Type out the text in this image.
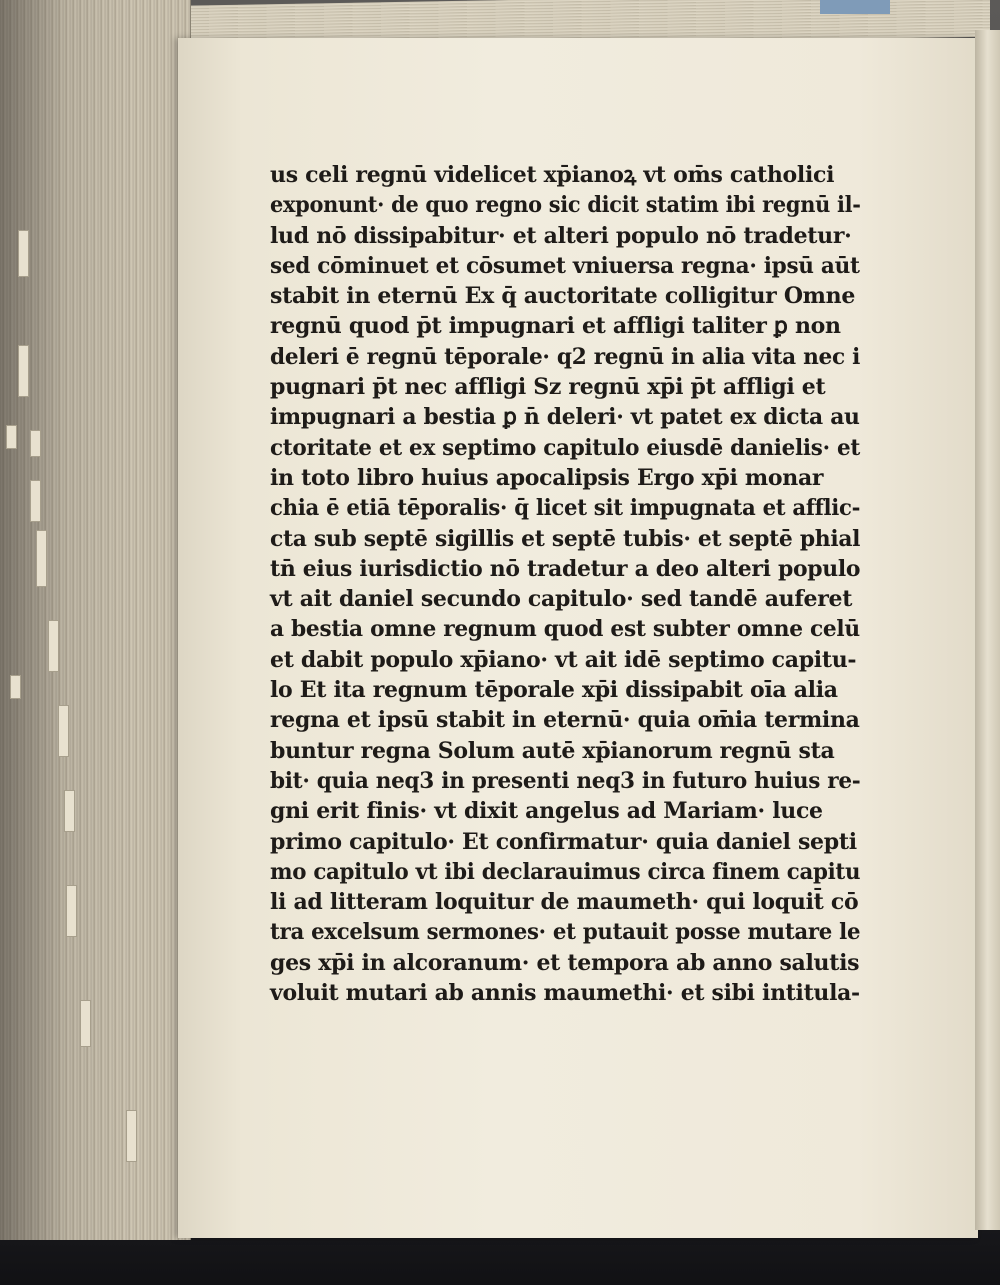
us celi regnū videlicet xp̄ianoꝝ vt om̄s catholici
exponunt· de quo regno sic dicit statim ibi regnū il-
lud nō dissipabitur· et alteri populo nō tradetur·
sed cōminuet et cōsumet vniuersa regna· ipsū aūt
stabit in eternū Ex q̄ auctoritate colligitur Omne
regnū quod p̄t impugnari et affligi taliter ꝑ non
deleri ē regnū tēporale· q2 regnū in alia vita nec i
pugnari p̄t nec affligi Sz regnū xp̄i p̄t affligi et
impugnari a bestia ꝑ n̄ deleri· vt patet ex dicta au
ctoritate et ex septimo capitulo eiusdē danielis· et
in toto libro huius apocalipsis Ergo xp̄i monar
chia ē etiā tēporalis· q̄ licet sit impugnata et afflic-
cta sub septē sigillis et septē tubis· et septē phial
tn̄ eius iurisdictio nō tradetur a deo alteri populo
vt ait daniel secundo capitulo· sed tandē auferet
a bestia omne regnum quod est subter omne celū
et dabit populo xp̄iano· vt ait idē septimo capitu-
lo Et ita regnum tēporale xp̄i dissipabit oīa alia
regna et ipsū stabit in eternū· quia om̄ia termina
buntur regna Solum autē xp̄ianorum regnū sta
bit· quia neq3 in presenti neq3 in futuro huius re-
gni erit finis· vt dixit angelus ad Mariam· luce
primo capitulo· Et confirmatur· quia daniel septi
mo capitulo vt ibi declarauimus circa finem capitu
li ad litteram loquitur de maumeth· qui loquit̄ cō
tra excelsum sermones· et putauit posse mutare le
ges xp̄i in alcoranum· et tempora ab anno salutis
voluit mutari ab annis maumethi· et sibi intitula-
